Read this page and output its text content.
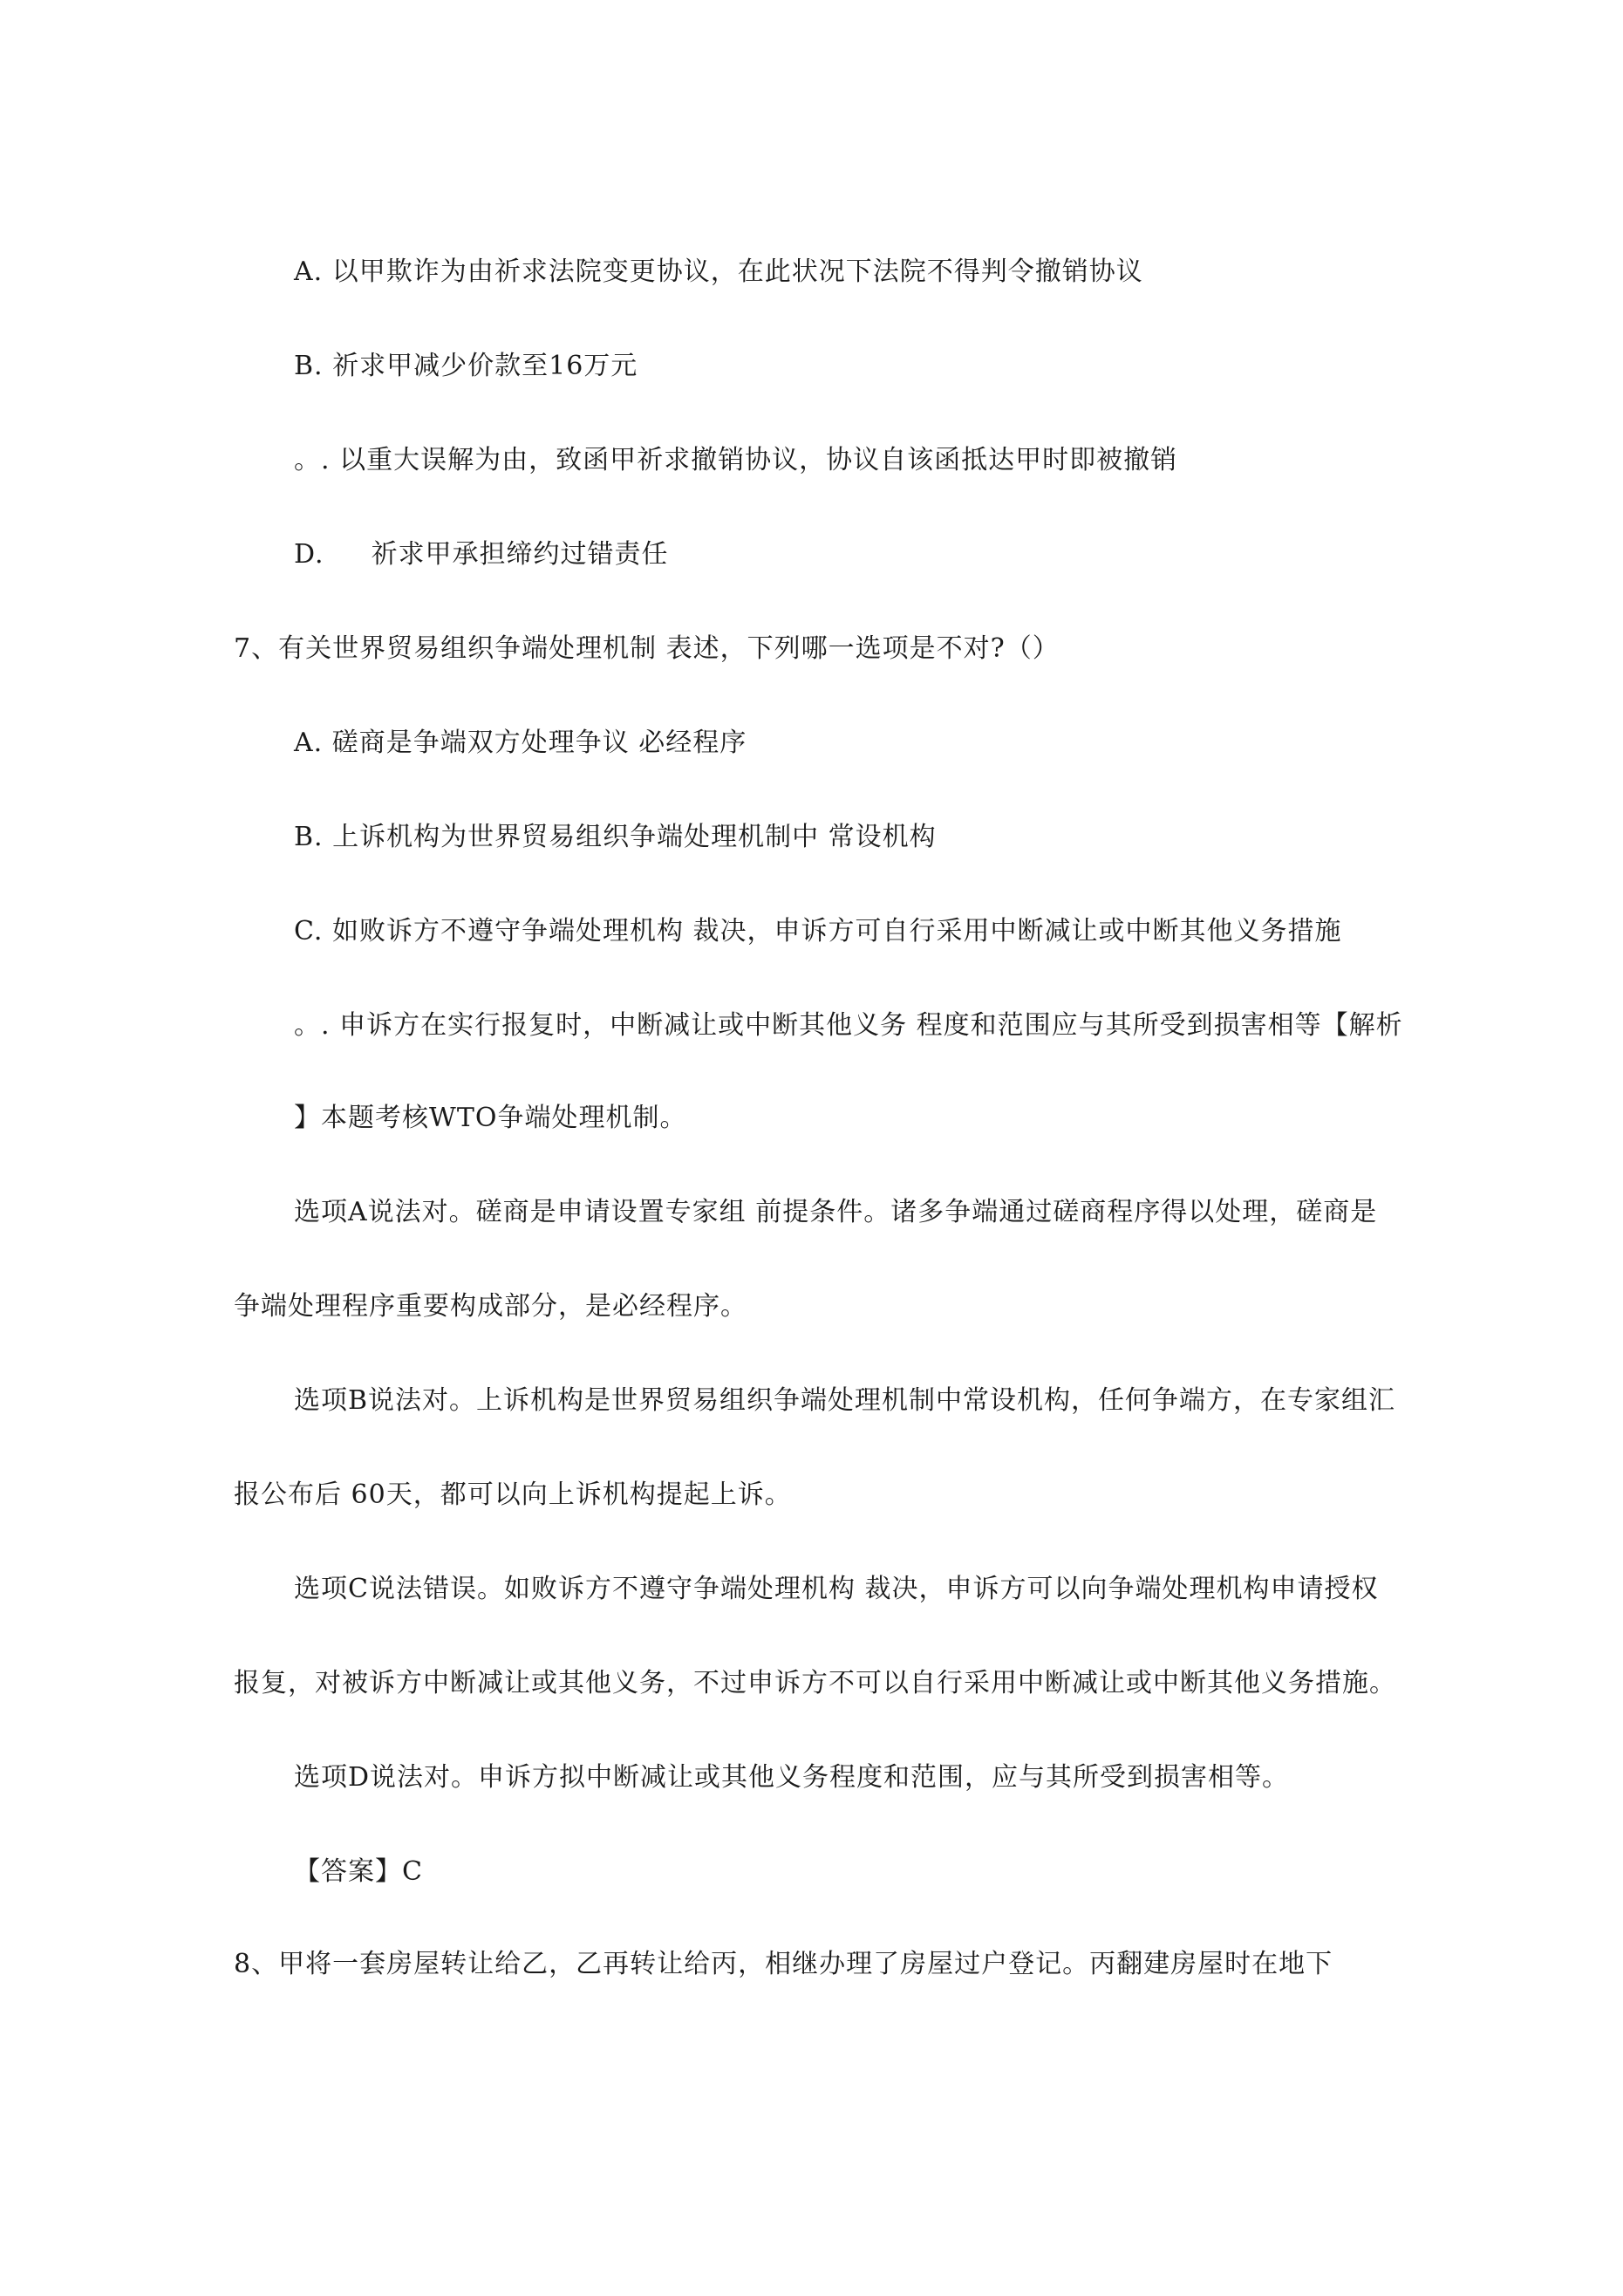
A. 以甲欺诈为由祈求法院变更协议，在此状况下法院不得判令撤销协议
B. 祈求甲减少价款至16万元
。. 以重大误解为由，致函甲祈求撤销协议，协议自该函抵达甲时即被撤销
D. 祈求甲承担缔约过错责任
7、有关世界贸易组织争端处理机制 表述，下列哪一选项是不对?（）
A. 磋商是争端双方处理争议 必经程序
B. 上诉机构为世界贸易组织争端处理机制中 常设机构
C. 如败诉方不遵守争端处理机构 裁决，申诉方可自行采用中断减让或中断其他义务措施
。. 申诉方在实行报复时，中断减让或中断其他义务 程度和范围应与其所受到损害相等【解析
】本题考核WTO争端处理机制。
选项A说法对。磋商是申请设置专家组 前提条件。诸多争端通过磋商程序得以处理，磋商是
争端处理程序重要构成部分，是必经程序。
选项B说法对。上诉机构是世界贸易组织争端处理机制中常设机构，任何争端方，在专家组汇
报公布后 60天，都可以向上诉机构提起上诉。
选项C说法错误。如败诉方不遵守争端处理机构 裁决，申诉方可以向争端处理机构申请授权
报复，对被诉方中断减让或其他义务，不过申诉方不可以自行采用中断减让或中断其他义务措施。
选项D说法对。申诉方拟中断减让或其他义务程度和范围，应与其所受到损害相等。
【答案】C
8、甲将一套房屋转让给乙，乙再转让给丙，相继办理了房屋过户登记。丙翻建房屋时在地下
